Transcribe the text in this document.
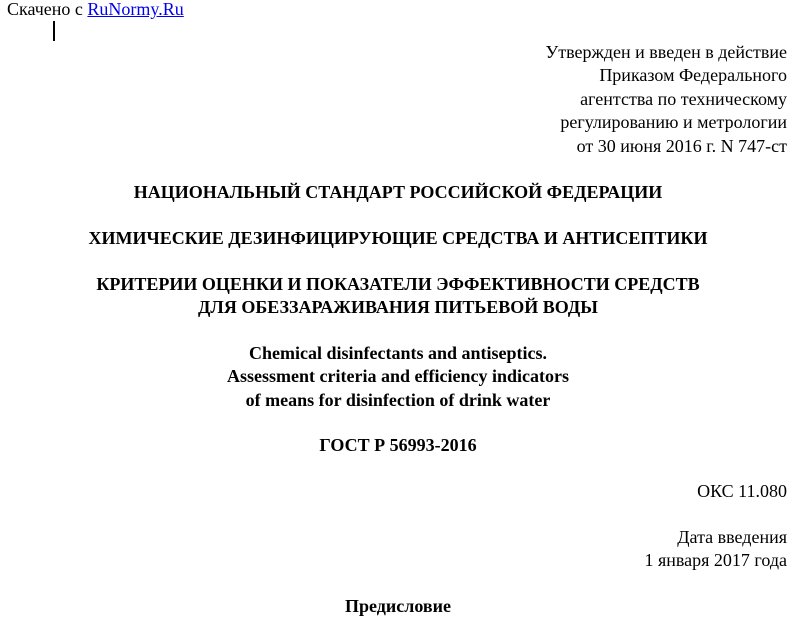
Скачено с RuNormy.Ru
Утвержден и введен в действие
Приказом Федерального
агентства по техническому
регулированию и метрологии
от 30 июня 2016 г. N 747-ст
НАЦИОНАЛЬНЫЙ СТАНДАРТ РОССИЙСКОЙ ФЕДЕРАЦИИ
ХИМИЧЕСКИЕ ДЕЗИНФИЦИРУЮЩИЕ СРЕДСТВА И АНТИСЕПТИКИ
КРИТЕРИИ ОЦЕНКИ И ПОКАЗАТЕЛИ ЭФФЕКТИВНОСТИ СРЕДСТВ
ДЛЯ ОБЕЗЗАРАЖИВАНИЯ ПИТЬЕВОЙ ВОДЫ
Chemical disinfectants and antiseptics.
Assessment criteria and efficiency indicators
of means for disinfection of drink water
ГОСТ Р 56993-2016
ОКС 11.080
Дата введения
1 января 2017 года
Предисловие
